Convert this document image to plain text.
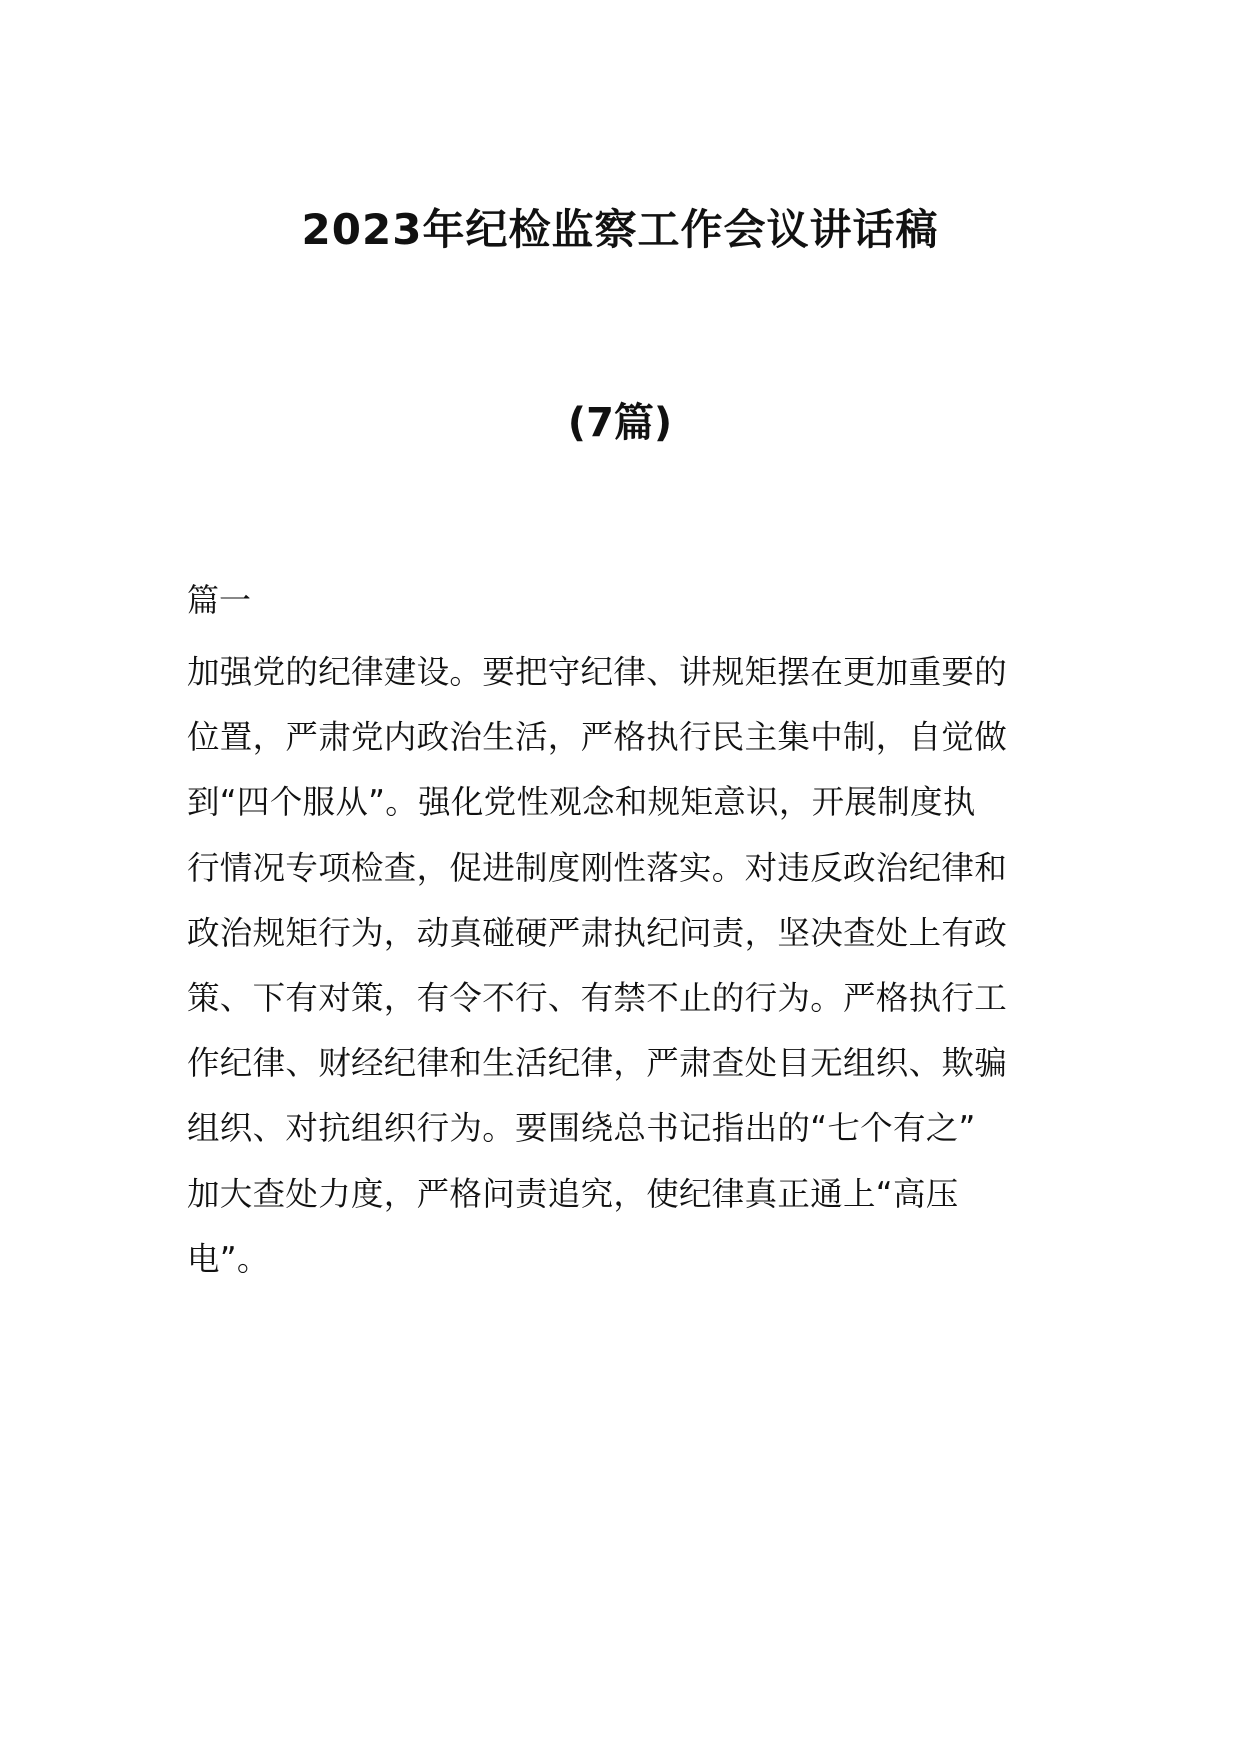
2023年纪检监察工作会议讲话稿
(7篇)
篇一
加强党的纪律建设。要把守纪律、讲规矩摆在更加重要的
位置，严肃党内政治生活，严格执行民主集中制，自觉做
到“四个服从”。强化党性观念和规矩意识，开展制度执
行情况专项检查，促进制度刚性落实。对违反政治纪律和
政治规矩行为，动真碰硬严肃执纪问责，坚决查处上有政
策、下有对策，有令不行、有禁不止的行为。严格执行工
作纪律、财经纪律和生活纪律，严肃查处目无组织、欺骗
组织、对抗组织行为。要围绕总书记指出的“七个有之”
加大查处力度，严格问责追究，使纪律真正通上“高压
电”。
